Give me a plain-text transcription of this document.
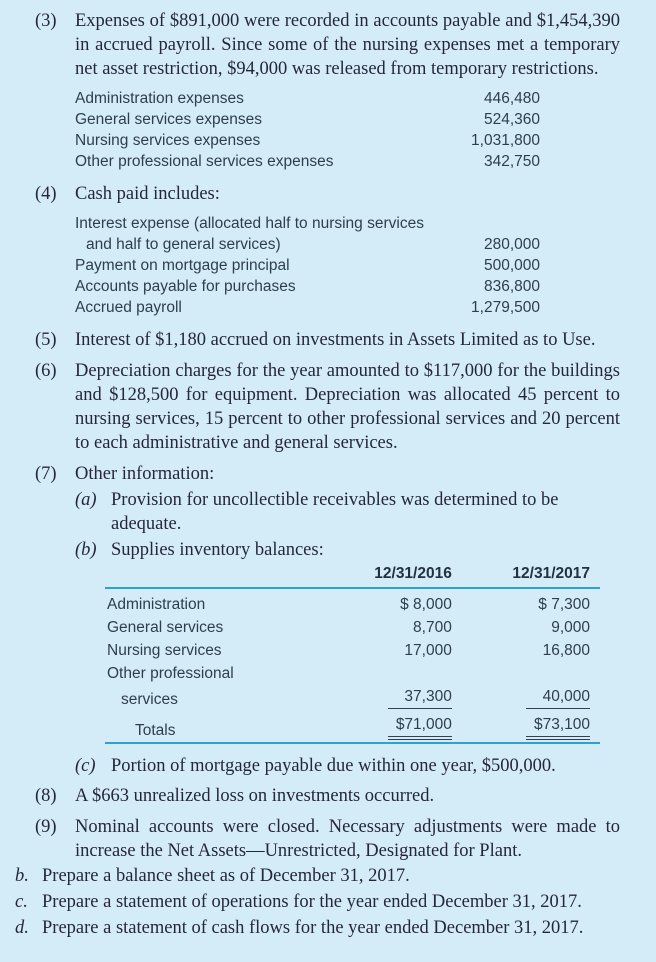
(3) Expenses of $891,000 were recorded in accounts payable and $1,454,390 in accrued payroll. Since some of the nursing expenses met a temporary net asset restriction, $94,000 was released from temporary restrictions.
Administration expenses	446,480
General services expenses	524,360
Nursing services expenses	1,031,800
Other professional services expenses	342,750
(4) Cash paid includes:
Interest expense (allocated half to nursing services
and half to general services)	280,000
Payment on mortgage principal	500,000
Accounts payable for purchases	836,800
Accrued payroll	1,279,500
(5) Interest of $1,180 accrued on investments in Assets Limited as to Use.
(6) Depreciation charges for the year amounted to $117,000 for the buildings and $128,500 for equipment. Depreciation was allocated 45 percent to nursing services, 15 percent to other professional services and 20 percent to each administrative and general services.
(7) Other information:
(a) Provision for uncollectible receivables was determined to be adequate.
(b) Supplies inventory balances:
	12/31/2016	12/31/2017
Administration	$ 8,000	$ 7,300
General services	8,700	9,000
Nursing services	17,000	16,800
Other professional		
services	37,300	40,000
Totals	$71,000	$73,100
(c) Portion of mortgage payable due within one year, $500,000.
(8) A $663 unrealized loss on investments occurred.
(9) Nominal accounts were closed. Necessary adjustments were made to increase the Net Assets—Unrestricted, Designated for Plant.
b. Prepare a balance sheet as of December 31, 2017.
c. Prepare a statement of operations for the year ended December 31, 2017.
d. Prepare a statement of cash flows for the year ended December 31, 2017.
